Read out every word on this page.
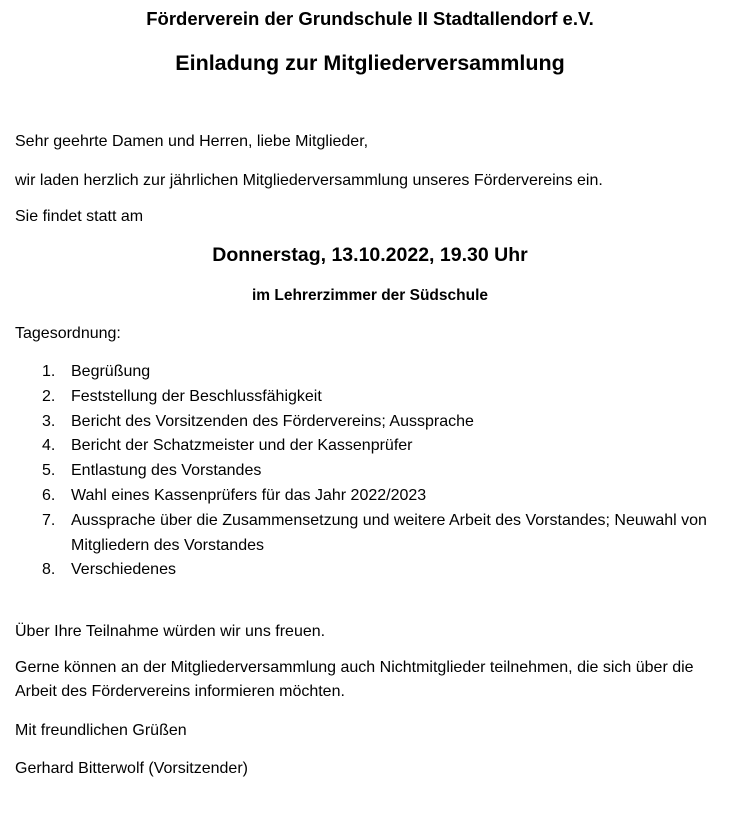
Förderverein der Grundschule II Stadtallendorf e.V.
Einladung zur Mitgliederversammlung

Sehr geehrte Damen und Herren, liebe Mitglieder,

wir laden herzlich zur jährlichen Mitgliederversammlung unseres Fördervereins ein.

Sie findet statt am

Donnerstag, 13.10.2022, 19.30 Uhr
im Lehrerzimmer der Südschule

Tagesordnung:

1. Begrüßung
2. Feststellung der Beschlussfähigkeit
3. Bericht des Vorsitzenden des Fördervereins; Aussprache
4. Bericht der Schatzmeister und der Kassenprüfer
5. Entlastung des Vorstandes
6. Wahl eines Kassenprüfers für das Jahr 2022/2023
7. Aussprache über die Zusammensetzung und weitere Arbeit des Vorstandes; Neuwahl von Mitgliedern des Vorstandes
8. Verschiedenes

Über Ihre Teilnahme würden wir uns freuen.

Gerne können an der Mitgliederversammlung auch Nichtmitglieder teilnehmen, die sich über die Arbeit des Fördervereins informieren möchten.

Mit freundlichen Grüßen

Gerhard Bitterwolf (Vorsitzender)
